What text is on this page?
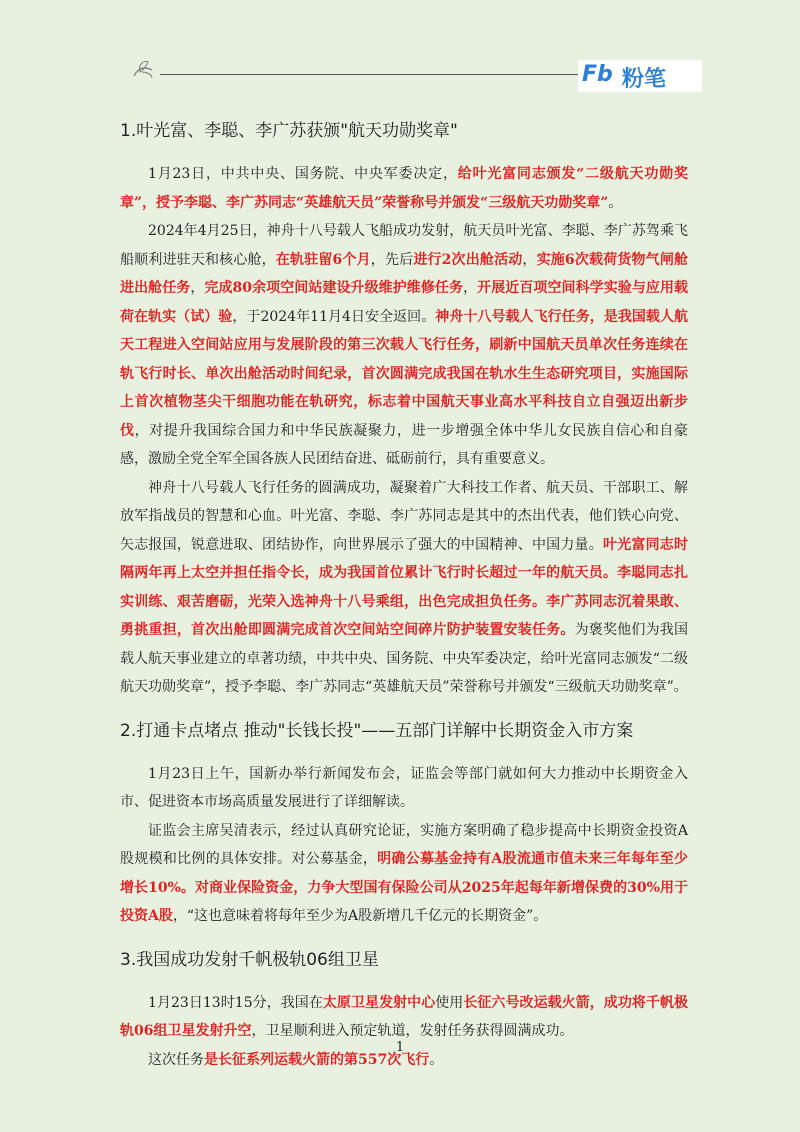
Fb 粉笔
1.叶光富、李聪、李广苏获颁"航天功勋奖章"

1月23日，中共中央、国务院、中央军委决定，给叶光富同志颁发“二级航天功勋奖章”，授予李聪、李广苏同志“英雄航天员”荣誉称号并颁发“三级航天功勋奖章”。

2024年4月25日，神舟十八号载人飞船成功发射，航天员叶光富、李聪、李广苏驾乘飞船顺利进驻天和核心舱，在轨驻留6个月，先后进行2次出舱活动，实施6次载荷货物气闸舱进出舱任务，完成80余项空间站建设升级维护维修任务，开展近百项空间科学实验与应用载荷在轨实（试）验，于2024年11月4日安全返回。神舟十八号载人飞行任务，是我国载人航天工程进入空间站应用与发展阶段的第三次载人飞行任务，刷新中国航天员单次任务连续在轨飞行时长、单次出舱活动时间纪录，首次圆满完成我国在轨水生生态研究项目，实施国际上首次植物茎尖干细胞功能在轨研究，标志着中国航天事业高水平科技自立自强迈出新步伐，对提升我国综合国力和中华民族凝聚力，进一步增强全体中华儿女民族自信心和自豪感，激励全党全军全国各族人民团结奋进、砥砺前行，具有重要意义。

神舟十八号载人飞行任务的圆满成功，凝聚着广大科技工作者、航天员、干部职工、解放军指战员的智慧和心血。叶光富、李聪、李广苏同志是其中的杰出代表，他们铁心向党、矢志报国，锐意进取、团结协作，向世界展示了强大的中国精神、中国力量。叶光富同志时隔两年再上太空并担任指令长，成为我国首位累计飞行时长超过一年的航天员。李聪同志扎实训练、艰苦磨砺，光荣入选神舟十八号乘组，出色完成担负任务。李广苏同志沉着果敢、勇挑重担，首次出舱即圆满完成首次空间站空间碎片防护装置安装任务。为褒奖他们为我国载人航天事业建立的卓著功绩，中共中央、国务院、中央军委决定，给叶光富同志颁发“二级航天功勋奖章”，授予李聪、李广苏同志“英雄航天员”荣誉称号并颁发“三级航天功勋奖章”。

2.打通卡点堵点 推动"长钱长投"——五部门详解中长期资金入市方案

1月23日上午，国新办举行新闻发布会，证监会等部门就如何大力推动中长期资金入市、促进资本市场高质量发展进行了详细解读。

证监会主席吴清表示，经过认真研究论证，实施方案明确了稳步提高中长期资金投资A股规模和比例的具体安排。对公募基金，明确公募基金持有A股流通市值未来三年每年至少增长10%。对商业保险资金，力争大型国有保险公司从2025年起每年新增保费的30%用于投资A股，“这也意味着将每年至少为A股新增几千亿元的长期资金”。

3.我国成功发射千帆极轨06组卫星

1月23日13时15分，我国在太原卫星发射中心使用长征六号改运载火箭，成功将千帆极轨06组卫星发射升空，卫星顺利进入预定轨道，发射任务获得圆满成功。

这次任务是长征系列运载火箭的第557次飞行。

1
